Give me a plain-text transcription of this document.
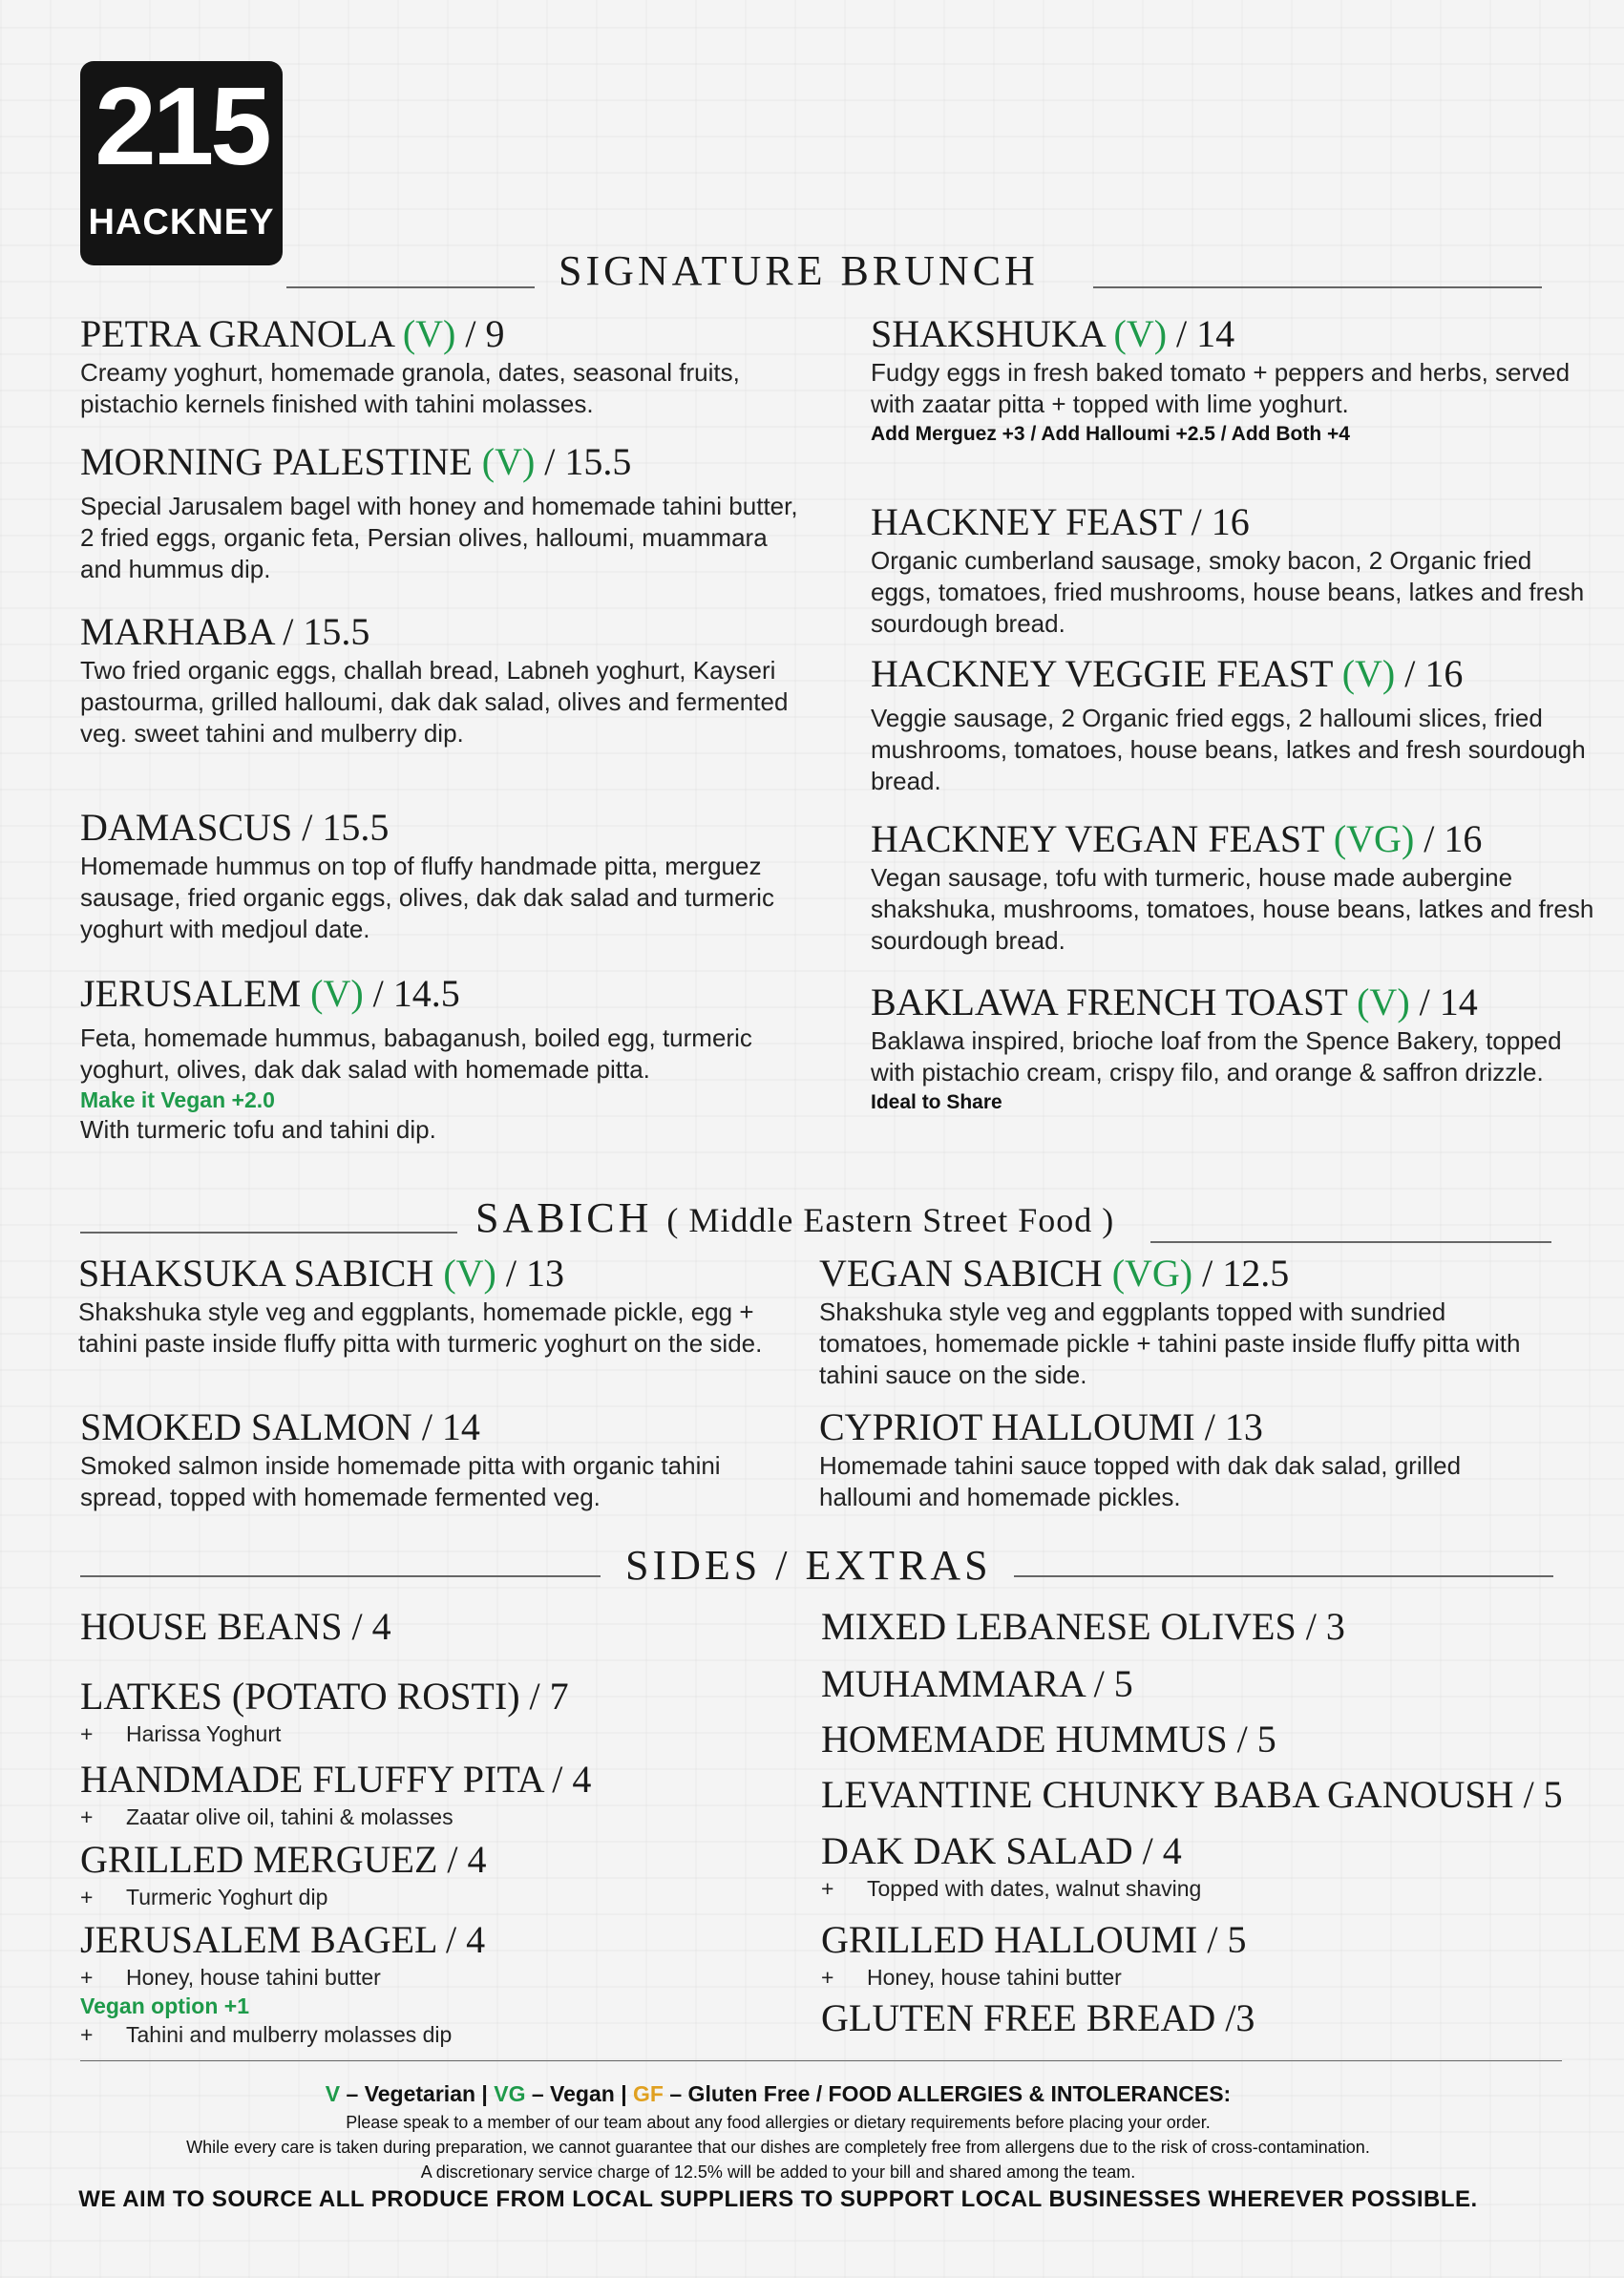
215
HACKNEY
SIGNATURE BRUNCH
PETRA GRANOLA (V) / 9
Creamy yoghurt, homemade granola, dates, seasonal fruits, pistachio kernels finished with tahini molasses.
MORNING PALESTINE (V) / 15.5
Special Jarusalem bagel with honey and homemade tahini butter, 2 fried eggs, organic feta, Persian olives, halloumi, muammara and hummus dip.
MARHABA / 15.5
Two fried organic eggs, challah bread, Labneh yoghurt, Kayseri pastourma, grilled halloumi, dak dak salad, olives and fermented veg. sweet tahini and mulberry dip.
DAMASCUS / 15.5
Homemade hummus on top of fluffy handmade pitta, merguez sausage, fried organic eggs, olives, dak dak salad and turmeric yoghurt with medjoul date.
JERUSALEM (V) / 14.5
Feta, homemade hummus, babaganush, boiled egg, turmeric yoghurt, olives, dak dak salad with homemade pitta.
Make it Vegan +2.0
With turmeric tofu and tahini dip.
SHAKSHUKA (V) / 14
Fudgy eggs in fresh baked tomato + peppers and herbs, served with zaatar pitta + topped with lime yoghurt.
Add Merguez +3 / Add Halloumi +2.5 / Add Both +4
HACKNEY FEAST / 16
Organic cumberland sausage, smoky bacon, 2 Organic fried eggs, tomatoes, fried mushrooms, house beans, latkes and fresh sourdough bread.
HACKNEY VEGGIE FEAST (V) / 16
Veggie sausage, 2 Organic fried eggs, 2 halloumi slices, fried mushrooms, tomatoes, house beans, latkes and fresh sourdough bread.
HACKNEY VEGAN FEAST (VG) / 16
Vegan sausage, tofu with turmeric, house made aubergine shakshuka, mushrooms, tomatoes, house beans, latkes and fresh sourdough bread.
BAKLAWA FRENCH TOAST (V) / 14
Baklawa inspired, brioche loaf from the Spence Bakery, topped with pistachio cream, crispy filo, and orange & saffron drizzle.
Ideal to Share
SABICH ( Middle Eastern Street Food )
SHAKSUKA SABICH (V) / 13
Shakshuka style veg and eggplants, homemade pickle, egg + tahini paste inside fluffy pitta with turmeric yoghurt on the side.
SMOKED SALMON / 14
Smoked salmon inside homemade pitta with organic tahini spread, topped with homemade fermented veg.
VEGAN SABICH (VG) / 12.5
Shakshuka style veg and eggplants topped with sundried tomatoes, homemade pickle + tahini paste inside fluffy pitta with tahini sauce on the side.
CYPRIOT HALLOUMI / 13
Homemade tahini sauce topped with dak dak salad, grilled halloumi and homemade pickles.
SIDES / EXTRAS
HOUSE BEANS / 4
LATKES (POTATO ROSTI) / 7
+ Harissa Yoghurt
HANDMADE FLUFFY PITA / 4
+ Zaatar olive oil, tahini & molasses
GRILLED MERGUEZ / 4
+ Turmeric Yoghurt dip
JERUSALEM BAGEL / 4
+ Honey, house tahini butter
Vegan option +1
+ Tahini and mulberry molasses dip
MIXED LEBANESE OLIVES / 3
MUHAMMARA / 5
HOMEMADE HUMMUS / 5
LEVANTINE CHUNKY BABA GANOUSH / 5
DAK DAK SALAD / 4
+ Topped with dates, walnut shaving
GRILLED HALLOUMI / 5
+ Honey, house tahini butter
GLUTEN FREE BREAD /3
V – Vegetarian | VG – Vegan | GF – Gluten Free / FOOD ALLERGIES & INTOLERANCES:
Please speak to a member of our team about any food allergies or dietary requirements before placing your order.
While every care is taken during preparation, we cannot guarantee that our dishes are completely free from allergens due to the risk of cross-contamination.
A discretionary service charge of 12.5% will be added to your bill and shared among the team.
WE AIM TO SOURCE ALL PRODUCE FROM LOCAL SUPPLIERS TO SUPPORT LOCAL BUSINESSES WHEREVER POSSIBLE.
